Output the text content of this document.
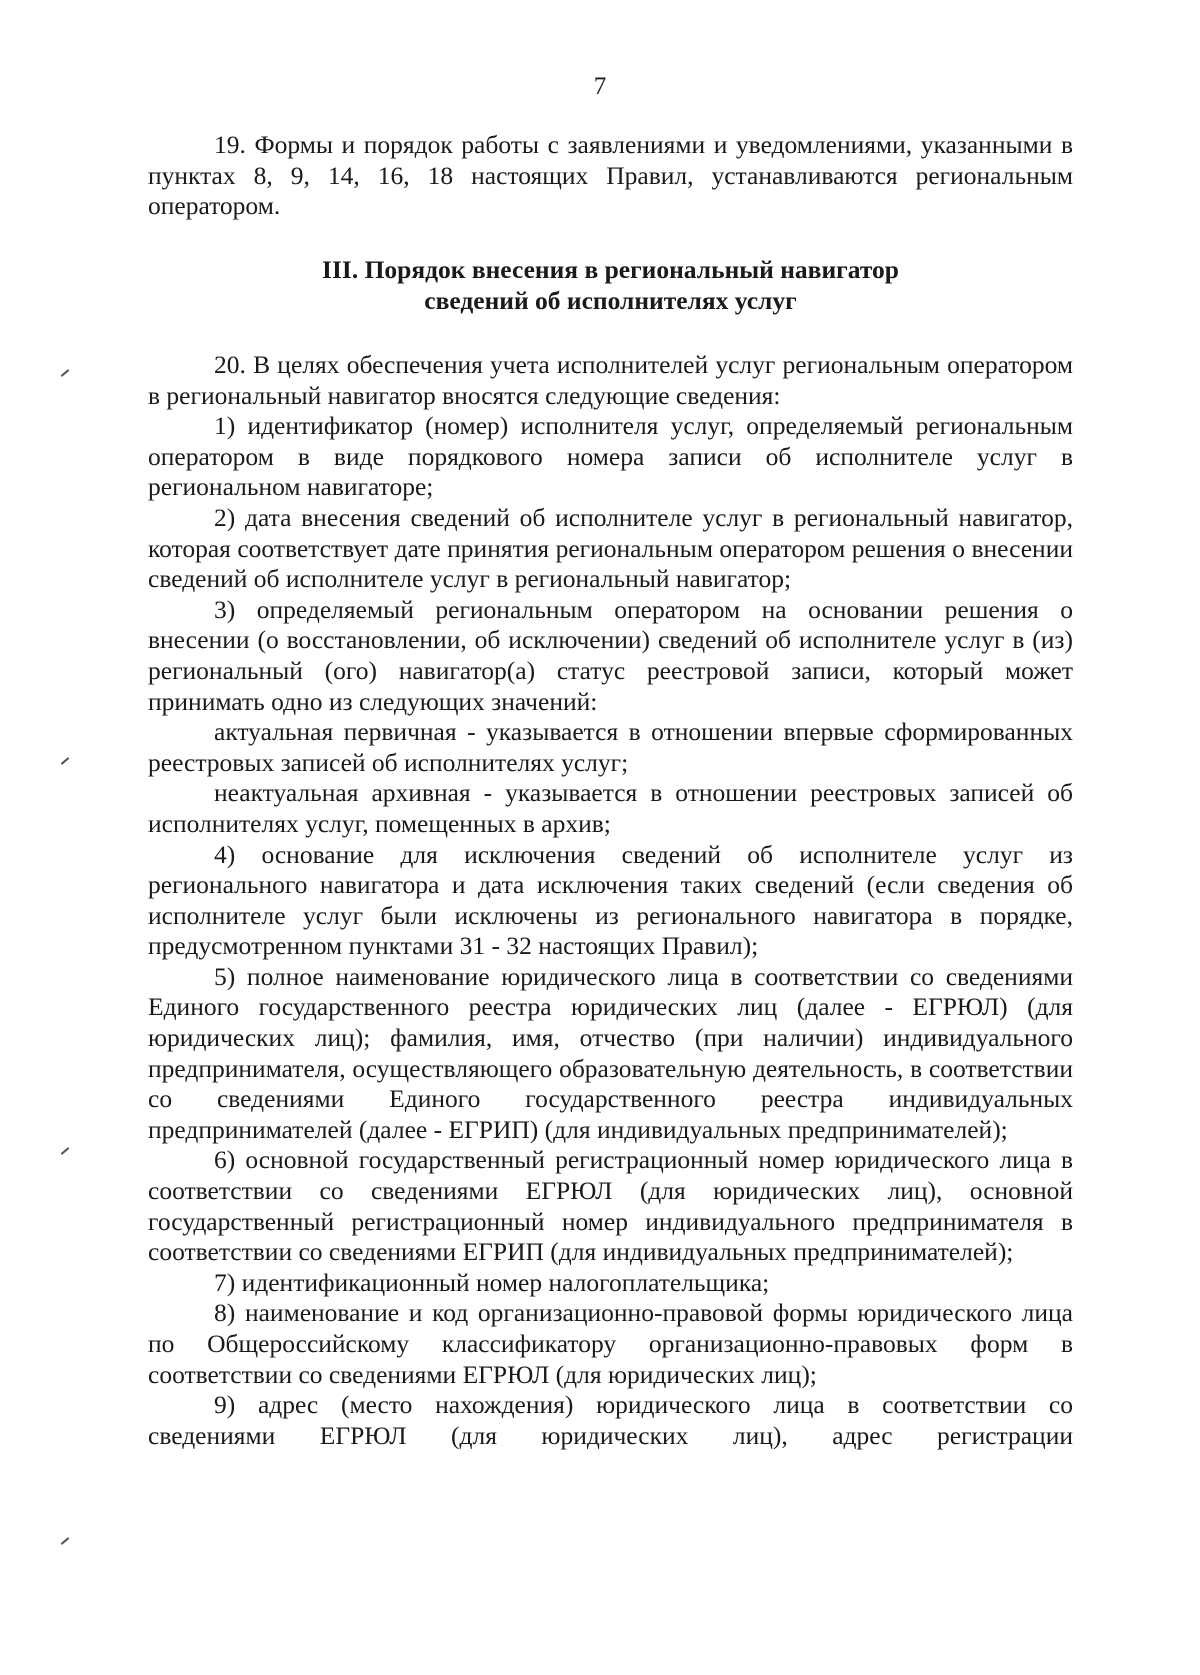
7

19. Формы и порядок работы с заявлениями и уведомлениями, указанными в пунктах 8, 9, 14, 16, 18 настоящих Правил, устанавливаются региональным оператором.

III. Порядок внесения в региональный навигатор
сведений об исполнителях услуг

20. В целях обеспечения учета исполнителей услуг региональным оператором в региональный навигатор вносятся следующие сведения:

1) идентификатор (номер) исполнителя услуг, определяемый региональным оператором в виде порядкового номера записи об исполнителе услуг в региональном навигаторе;

2) дата внесения сведений об исполнителе услуг в региональный навигатор, которая соответствует дате принятия региональным оператором решения о внесении сведений об исполнителе услуг в региональный навигатор;

3) определяемый региональным оператором на основании решения о внесении (о восстановлении, об исключении) сведений об исполнителе услуг в (из) региональный (ого) навигатор(а) статус реестровой записи, который может принимать одно из следующих значений:

актуальная первичная - указывается в отношении впервые сформированных реестровых записей об исполнителях услуг;

неактуальная архивная - указывается в отношении реестровых записей об исполнителях услуг, помещенных в архив;

4) основание для исключения сведений об исполнителе услуг из регионального навигатора и дата исключения таких сведений (если сведения об исполнителе услуг были исключены из регионального навигатора в порядке, предусмотренном пунктами 31 - 32 настоящих Правил);

5) полное наименование юридического лица в соответствии со сведениями Единого государственного реестра юридических лиц (далее - ЕГРЮЛ) (для юридических лиц); фамилия, имя, отчество (при наличии) индивидуального предпринимателя, осуществляющего образовательную деятельность, в соответствии со сведениями Единого государственного реестра индивидуальных предпринимателей (далее - ЕГРИП) (для индивидуальных предпринимателей);

6) основной государственный регистрационный номер юридического лица в соответствии со сведениями ЕГРЮЛ (для юридических лиц), основной государственный регистрационный номер индивидуального предпринимателя в соответствии со сведениями ЕГРИП (для индивидуальных предпринимателей);

7) идентификационный номер налогоплательщика;

8) наименование и код организационно-правовой формы юридического лица по Общероссийскому классификатору организационно-правовых форм в соответствии со сведениями ЕГРЮЛ (для юридических лиц);

9) адрес (место нахождения) юридического лица в соответствии со сведениями ЕГРЮЛ (для юридических лиц), адрес регистрации
